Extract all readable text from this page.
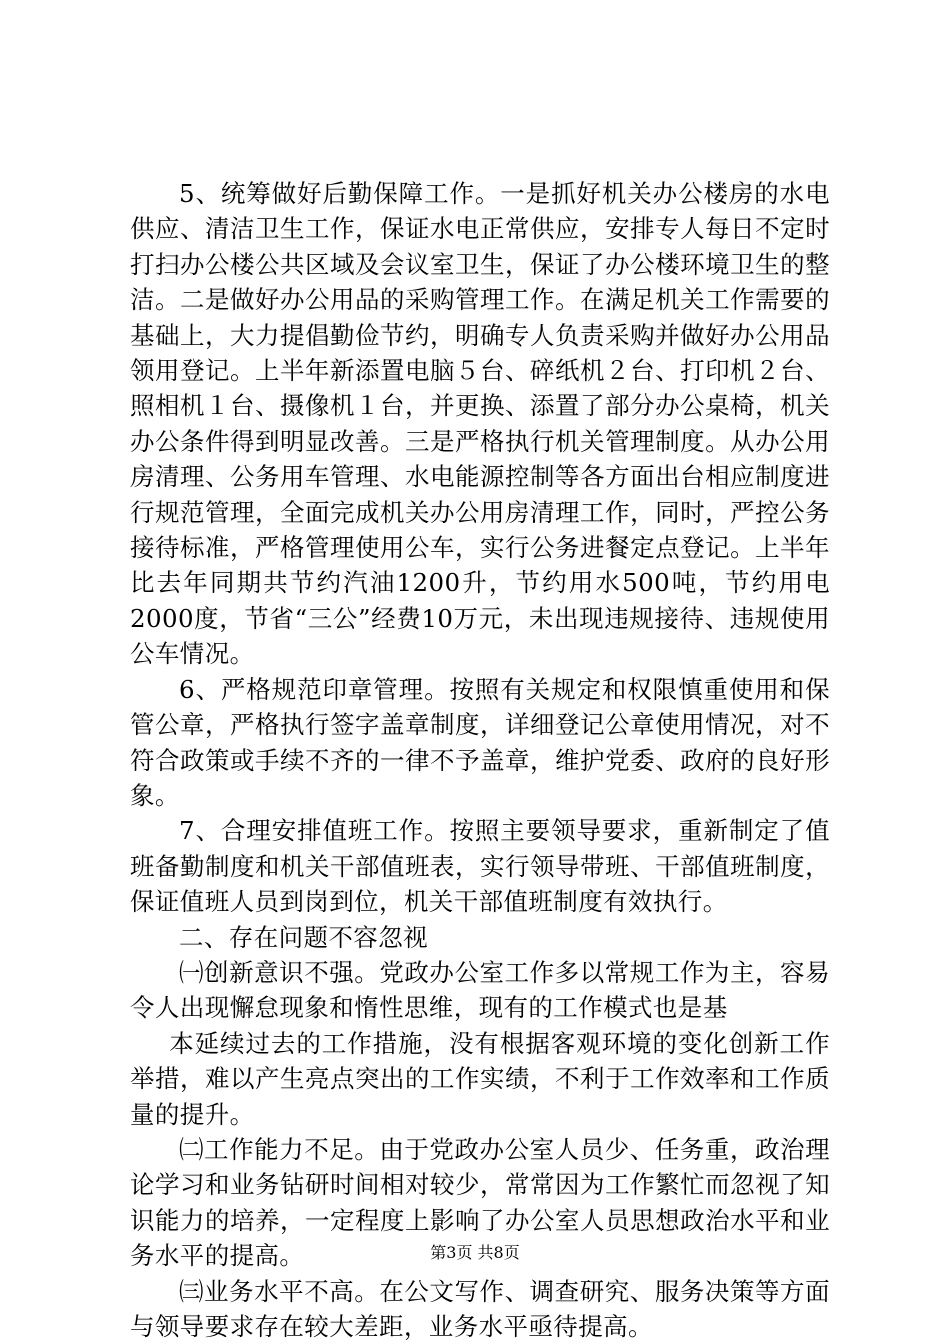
5、统筹做好后勤保障工作。一是抓好机关办公楼房的水电供应、清洁卫生工作，保证水电正常供应，安排专人每日不定时打扫办公楼公共区域及会议室卫生，保证了办公楼环境卫生的整洁。二是做好办公用品的采购管理工作。在满足机关工作需要的基础上，大力提倡勤俭节约，明确专人负责采购并做好办公用品领用登记。上半年新添置电脑５台、碎纸机２台、打印机２台、照相机１台、摄像机１台，并更换、添置了部分办公桌椅，机关办公条件得到明显改善。三是严格执行机关管理制度。从办公用房清理、公务用车管理、水电能源控制等各方面出台相应制度进行规范管理，全面完成机关办公用房清理工作，同时，严控公务接待标准，严格管理使用公车，实行公务进餐定点登记。上半年比去年同期共节约汽油1200升，节约用水500吨，节约用电2000度，节省“三公”经费10万元，未出现违规接待、违规使用公车情况。

6、严格规范印章管理。按照有关规定和权限慎重使用和保管公章，严格执行签字盖章制度，详细登记公章使用情况，对不符合政策或手续不齐的一律不予盖章，维护党委、政府的良好形象。

7、合理安排值班工作。按照主要领导要求，重新制定了值班备勤制度和机关干部值班表，实行领导带班、干部值班制度，保证值班人员到岗到位，机关干部值班制度有效执行。

二、存在问题不容忽视

㈠创新意识不强。党政办公室工作多以常规工作为主，容易令人出现懈怠现象和惰性思维，现有的工作模式也是基

本延续过去的工作措施，没有根据客观环境的变化创新工作举措，难以产生亮点突出的工作实绩，不利于工作效率和工作质量的提升。

㈡工作能力不足。由于党政办公室人员少、任务重，政治理论学习和业务钻研时间相对较少，常常因为工作繁忙而忽视了知识能力的培养，一定程度上影响了办公室人员思想政治水平和业务水平的提高。

㈢业务水平不高。在公文写作、调查研究、服务决策等方面与领导要求存在较大差距，业务水平亟待提高。

第3页 共8页
